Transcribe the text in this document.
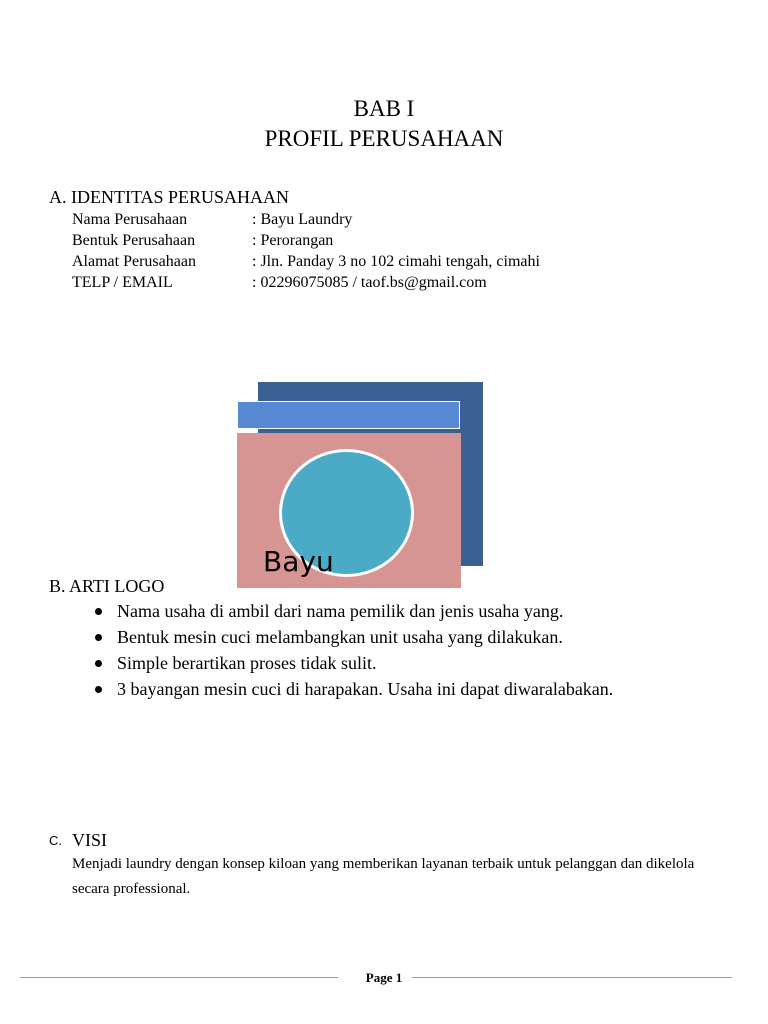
BAB I
PROFIL PERUSAHAAN
A. IDENTITAS PERUSAHAAN
Nama Perusahaan	: Bayu Laundry
Bentuk Perusahaan	: Perorangan
Alamat Perusahaan	: Jln. Panday 3 no 102 cimahi tengah, cimahi
TELP / EMAIL	: 02296075085 / taof.bs@gmail.com
Bayu
B. ARTI LOGO
Nama usaha di ambil dari nama pemilik dan jenis usaha yang.
Bentuk mesin cuci melambangkan unit usaha yang dilakukan.
Simple berartikan proses tidak sulit.
3 bayangan mesin cuci di harapakan. Usaha ini dapat diwaralabakan.
C. VISI
Menjadi laundry dengan konsep kiloan yang memberikan layanan terbaik untuk pelanggan dan dikelola secara professional.
Page 1
